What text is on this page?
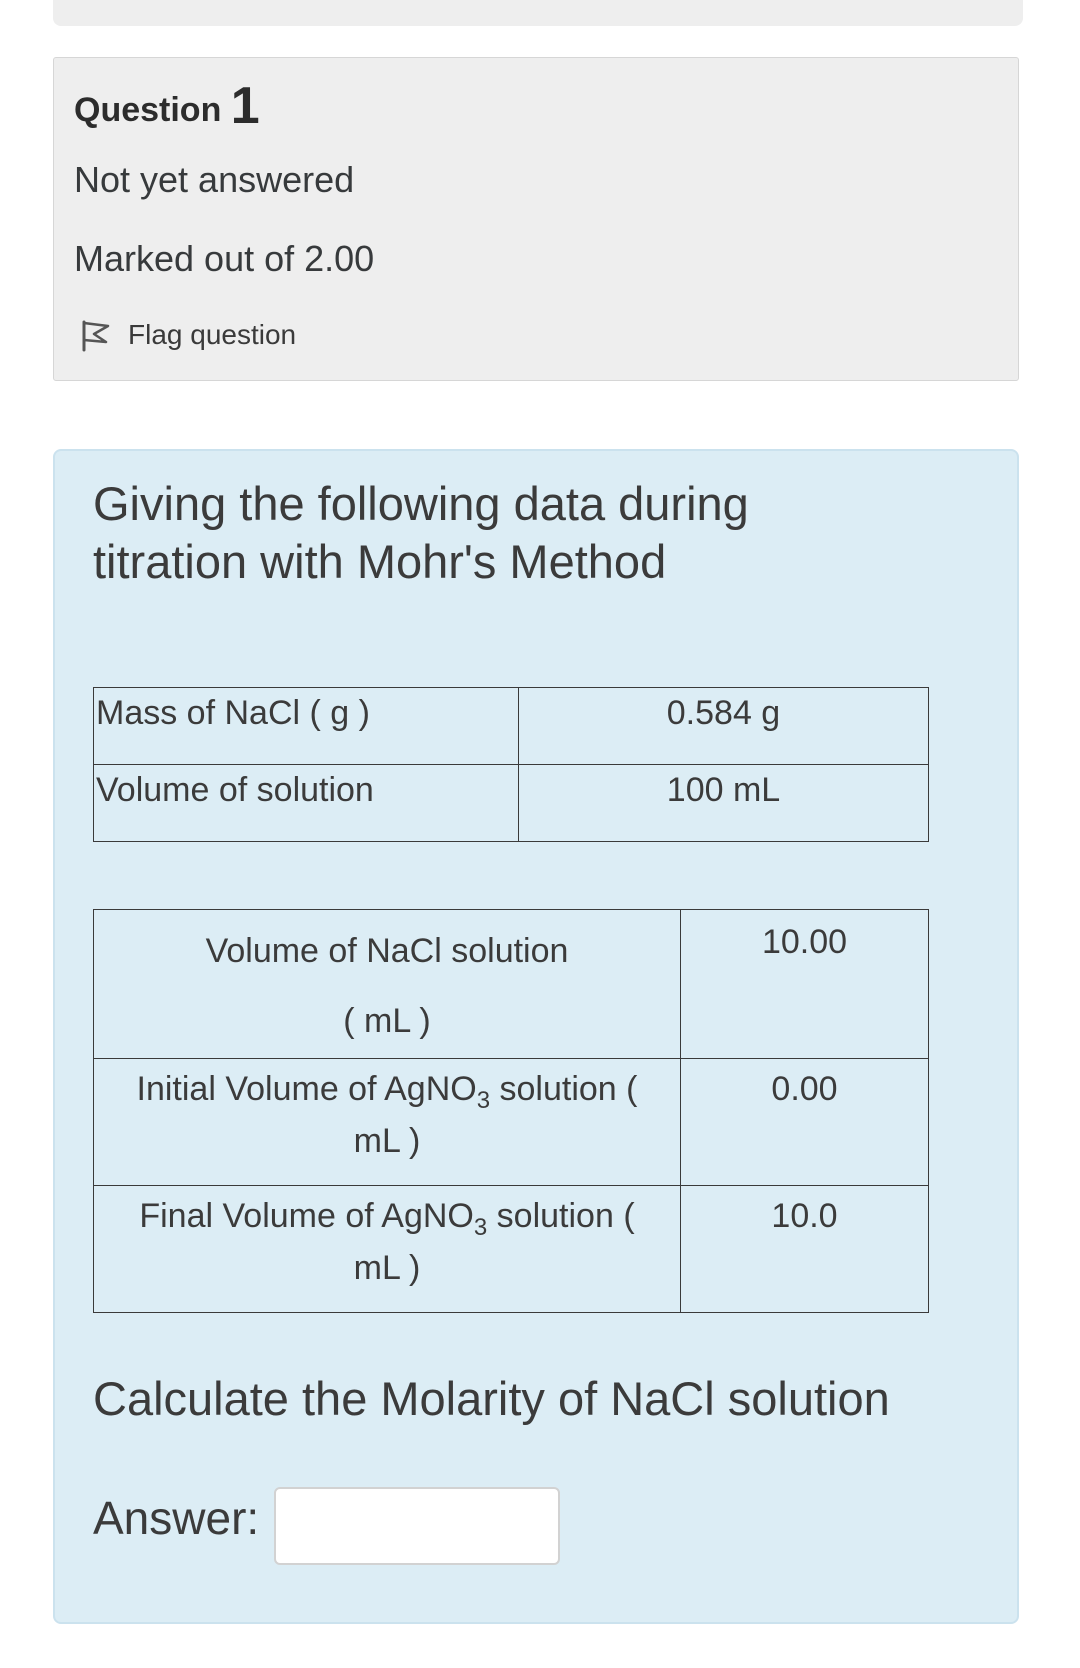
Question 1
Not yet answered
Marked out of 2.00
Flag question
Giving the following data during titration with Mohr's Method
Mass of NaCl ( g )	0.584 g
Volume of solution	100 mL
Volume of NaCl solution
( mL )	10.00

Initial Volume of AgNO$_3$ solution (
mL )	0.00

Final Volume of AgNO$_3$ solution (
mL )	10.0
Calculate the Molarity of NaCl solution
Answer:
